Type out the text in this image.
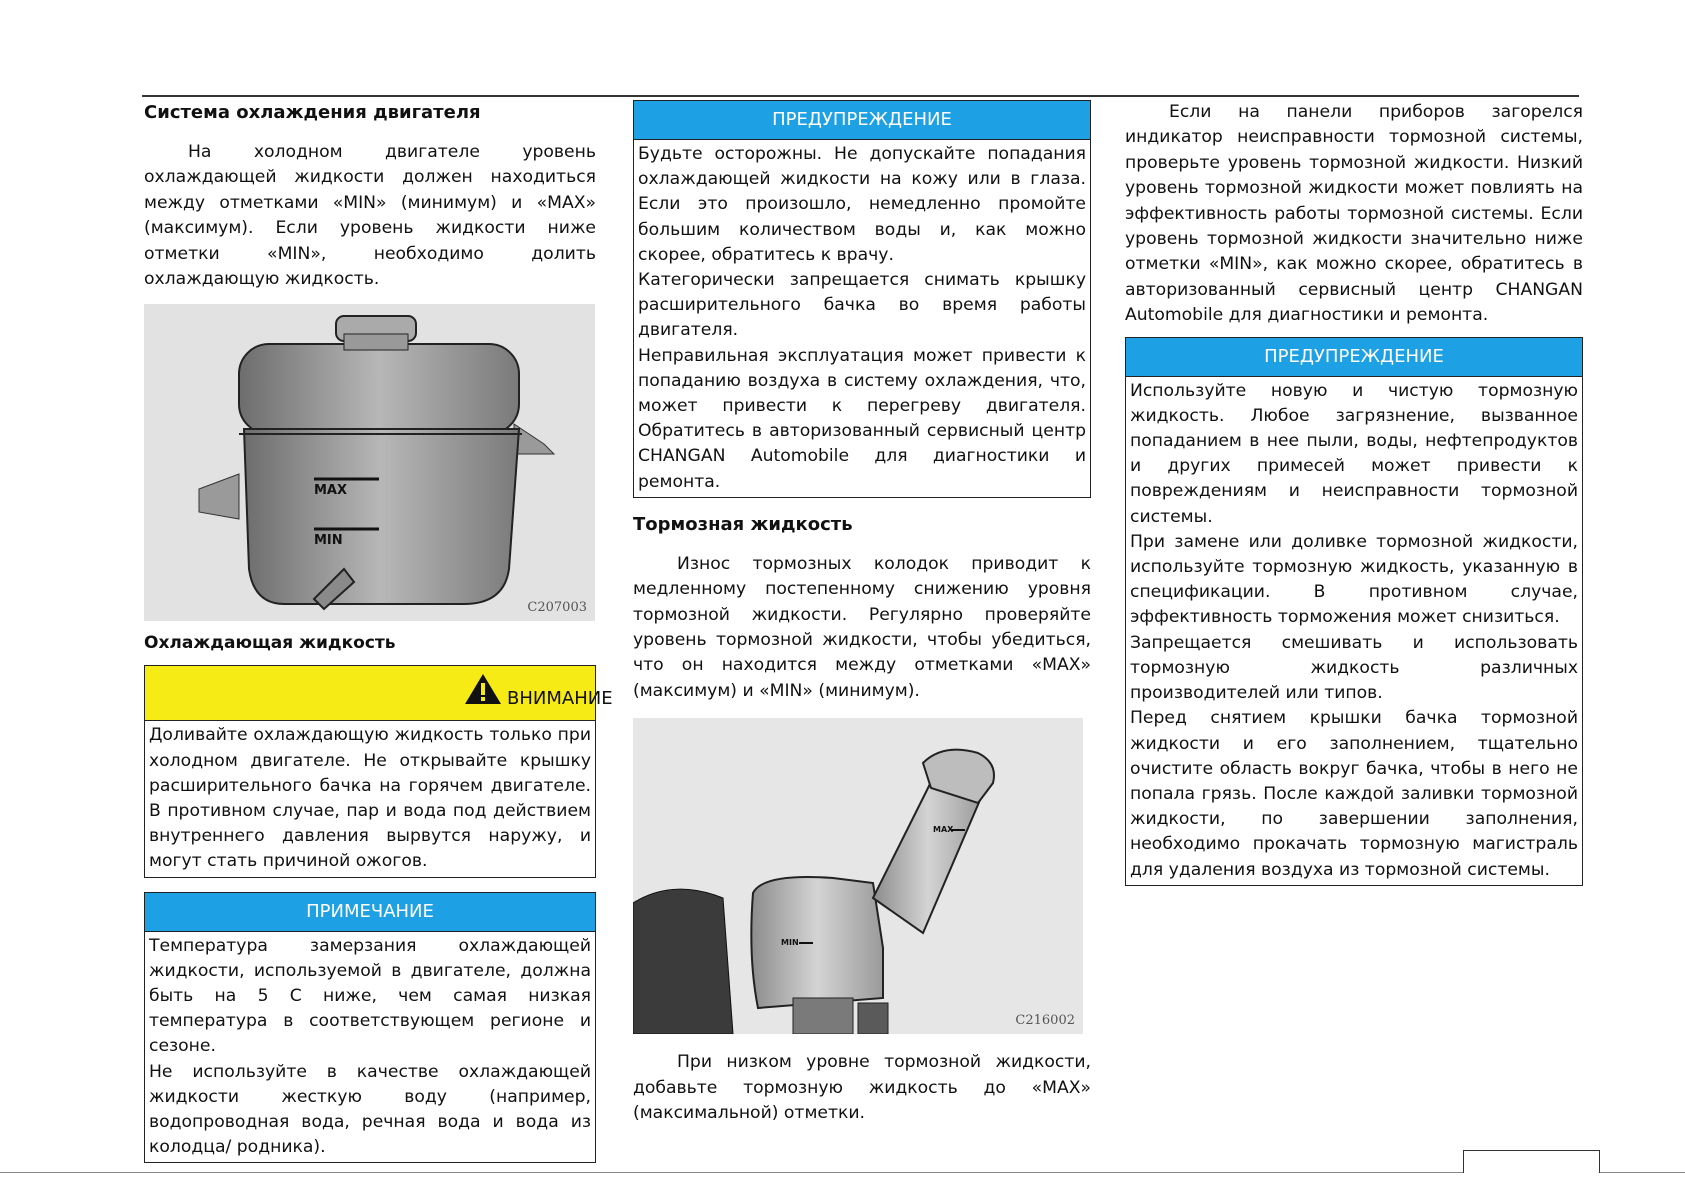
Система охлаждения двигателя

На холодном двигателе уровень охлаждающей жидкости должен находиться между отметками «MIN» (минимум) и «MAX» (максимум). Если уровень жидкости ниже отметки «MIN», необходимо долить охлаждающую жидкость.

MAX
MIN
C207003

Охлаждающая жидкость

ВНИМАНИЕ

Доливайте охлаждающую жидкость только при холодном двигателе. Не открывайте крышку расширительного бачка на горячем двигателе. В противном случае, пар и вода под действием внутреннего давления вырвутся наружу, и могут стать причиной ожогов.

ПРИМЕЧАНИЕ

Температура замерзания охлаждающей жидкости, используемой в двигателе, должна быть на 5 С ниже, чем самая низкая температура в соответствующем регионе и сезоне.

Не используйте в качестве охлаждающей жидкости жесткую воду (например, водопроводная вода, речная вода и вода из колодца/ родника).

ПРЕДУПРЕЖДЕНИЕ

Будьте осторожны. Не допускайте попадания охлаждающей жидкости на кожу или в глаза. Если это произошло, немедленно промойте большим количеством воды и, как можно скорее, обратитесь к врачу.

Категорически запрещается снимать крышку расширительного бачка во время работы двигателя.

Неправильная эксплуатация может привести к попаданию воздуха в систему охлаждения, что, может привести к перегреву двигателя. Обратитесь в авторизованный сервисный центр CHANGAN Automobile для диагностики и ремонта.

Тормозная жидкость

Износ тормозных колодок приводит к медленному постепенному снижению уровня тормозной жидкости. Регулярно проверяйте уровень тормозной жидкости, чтобы убедиться, что он находится между отметками «MAX» (максимум) и «MIN» (минимум).

MAX
MIN
C216002

При низком уровне тормозной жидкости, добавьте тормозную жидкость до «MAX» (максимальной) отметки.

Если на панели приборов загорелся индикатор неисправности тормозной системы, проверьте уровень тормозной жидкости. Низкий уровень тормозной жидкости может повлиять на эффективность работы тормозной системы. Если уровень тормозной жидкости значительно ниже отметки «MIN», как можно скорее, обратитесь в авторизованный сервисный центр CHANGAN Automobile для диагностики и ремонта.

ПРЕДУПРЕЖДЕНИЕ

Используйте новую и чистую тормозную жидкость. Любое загрязнение, вызванное попаданием в нее пыли, воды, нефтепродуктов и других примесей может привести к повреждениям и неисправности тормозной системы.

При замене или доливке тормозной жидкости, используйте тормозную жидкость, указанную в спецификации. В противном случае, эффективность торможения может снизиться.

Запрещается смешивать и использовать тормозную жидкость различных производителей или типов.

Перед снятием крышки бачка тормозной жидкости и его заполнением, тщательно очистите область вокруг бачка, чтобы в него не попала грязь. После каждой заливки тормозной жидкости, по завершении заполнения, необходимо прокачать тормозную магистраль для удаления воздуха из тормозной системы.
